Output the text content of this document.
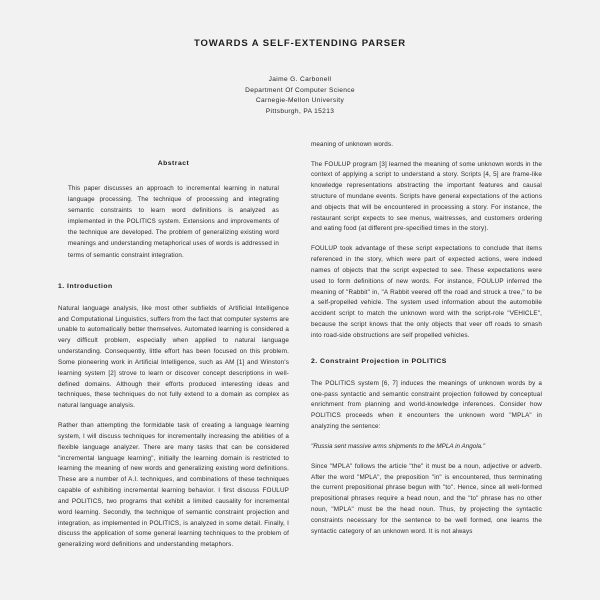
TOWARDS A SELF-EXTENDING PARSER
Jaime G. Carbonell
Department Of Computer Science
Carnegie-Mellon University
Pittsburgh, PA 15213
Abstract

This paper discusses an approach to incremental learning in natural language processing. The technique of processing and integrating semantic constraints to learn word definitions is analyzed as implemented in the POLITICS system. Extensions and improvements of the technique are developed. The problem of generalizing existing word meanings and understanding metaphorical uses of words is addressed in terms of semantic constraint integration.

1. Introduction

Natural language analysis, like most other subfields of Artificial Intelligence and Computational Linguistics, suffers from the fact that computer systems are unable to automatically better themselves. Automated learning is considered a very difficult problem, especially when applied to natural language understanding. Consequently, little effort has been focused on this problem. Some pioneering work in Artificial Intelligence, such as AM [1] and Winston's learning system [2] strove to learn or discover concept descriptions in well-defined domains. Although their efforts produced interesting ideas and techniques, these techniques do not fully extend to a domain as complex as natural language analysis.

Rather than attempting the formidable task of creating a language learning system, I will discuss techniques for incrementally increasing the abilities of a flexible language analyzer. There are many tasks that can be considered "incremental language learning", initially the learning domain is restricted to learning the meaning of new words and generalizing existing word definitions. These are a number of A.I. techniques, and combinations of these techniques capable of exhibiting incremental learning behavior. I first discuss FOULUP and POLITICS, two programs that exhibit a limited causality for incremental word learning. Secondly, the technique of semantic constraint projection and integration, as implemented in POLITICS, is analyzed in some detail. Finally, I discuss the application of some general learning techniques to the problem of generalizing word definitions and understanding metaphors.

meaning of unknown words.

The FOULUP program [3] learned the meaning of some unknown words in the context of applying a script to understand a story. Scripts [4, 5] are frame-like knowledge representations abstracting the important features and causal structure of mundane events. Scripts have general expectations of the actions and objects that will be encountered in processing a story. For instance, the restaurant script expects to see menus, waitresses, and customers ordering and eating food (at different pre-specified times in the story).

FOULUP took advantage of these script expectations to conclude that items referenced in the story, which were part of expected actions, were indeed names of objects that the script expected to see. These expectations were used to form definitions of new words. For instance, FOULUP inferred the meaning of "Rabbit" in, "A Rabbit veered off the road and struck a tree," to be a self-propelled vehicle. The system used information about the automobile accident script to match the unknown word with the script-role "VEHICLE", because the script knows that the only objects that veer off roads to smash into road-side obstructions are self propelled vehicles.

2. Constraint Projection in POLITICS

The POLITICS system [6, 7] induces the meanings of unknown words by a one-pass syntactic and semantic constraint projection followed by conceptual enrichment from planning and world-knowledge inferences. Consider how POLITICS proceeds when it encounters the unknown word "MPLA" in analyzing the sentence:

"Russia sent massive arms shipments to the MPLA in Angola."

Since "MPLA" follows the article "the" it must be a noun, adjective or adverb. After the word "MPLA", the preposition "in" is encountered, thus terminating the current prepositional phrase begun with "to". Hence, since all well-formed prepositional phrases require a head noun, and the "to" phrase has no other noun, "MPLA" must be the head noun. Thus, by projecting the syntactic constraints necessary for the sentence to be well formed, one learns the syntactic category of an unknown word. It is not always
